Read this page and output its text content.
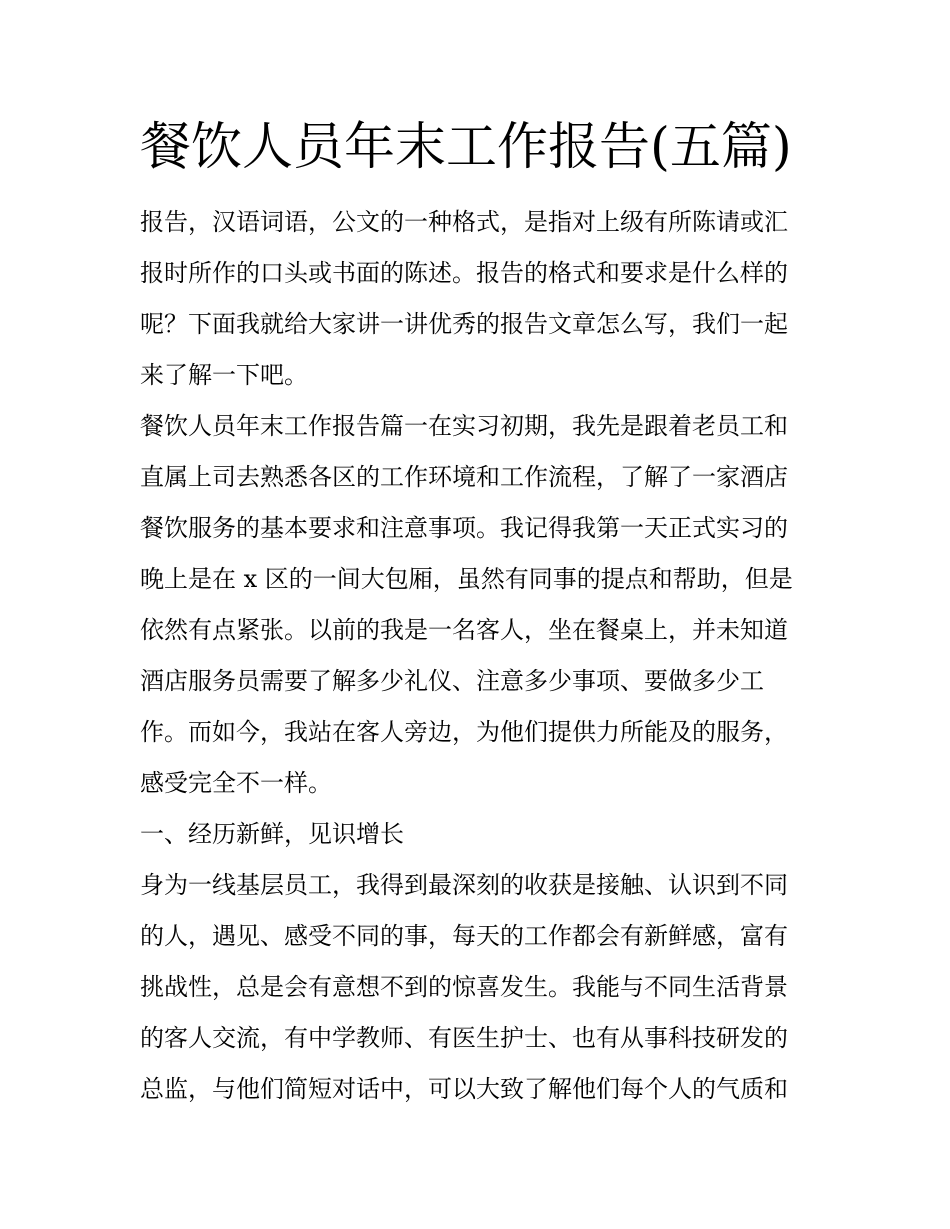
餐饮人员年末工作报告(五篇)

报告，汉语词语，公文的一种格式，是指对上级有所陈请或汇

报时所作的口头或书面的陈述。报告的格式和要求是什么样的

呢？下面我就给大家讲一讲优秀的报告文章怎么写，我们一起

来了解一下吧。

餐饮人员年末工作报告篇一在实习初期，我先是跟着老员工和

直属上司去熟悉各区的工作环境和工作流程，了解了一家酒店

餐饮服务的基本要求和注意事项。我记得我第一天正式实习的

晚上是在 x 区的一间大包厢，虽然有同事的提点和帮助，但是

依然有点紧张。以前的我是一名客人，坐在餐桌上，并未知道

酒店服务员需要了解多少礼仪、注意多少事项、要做多少工

作。而如今，我站在客人旁边，为他们提供力所能及的服务，

感受完全不一样。

一、经历新鲜，见识增长

身为一线基层员工，我得到最深刻的收获是接触、认识到不同

的人，遇见、感受不同的事，每天的工作都会有新鲜感，富有

挑战性，总是会有意想不到的惊喜发生。我能与不同生活背景

的客人交流，有中学教师、有医生护士、也有从事科技研发的

总监，与他们简短对话中，可以大致了解他们每个人的气质和
